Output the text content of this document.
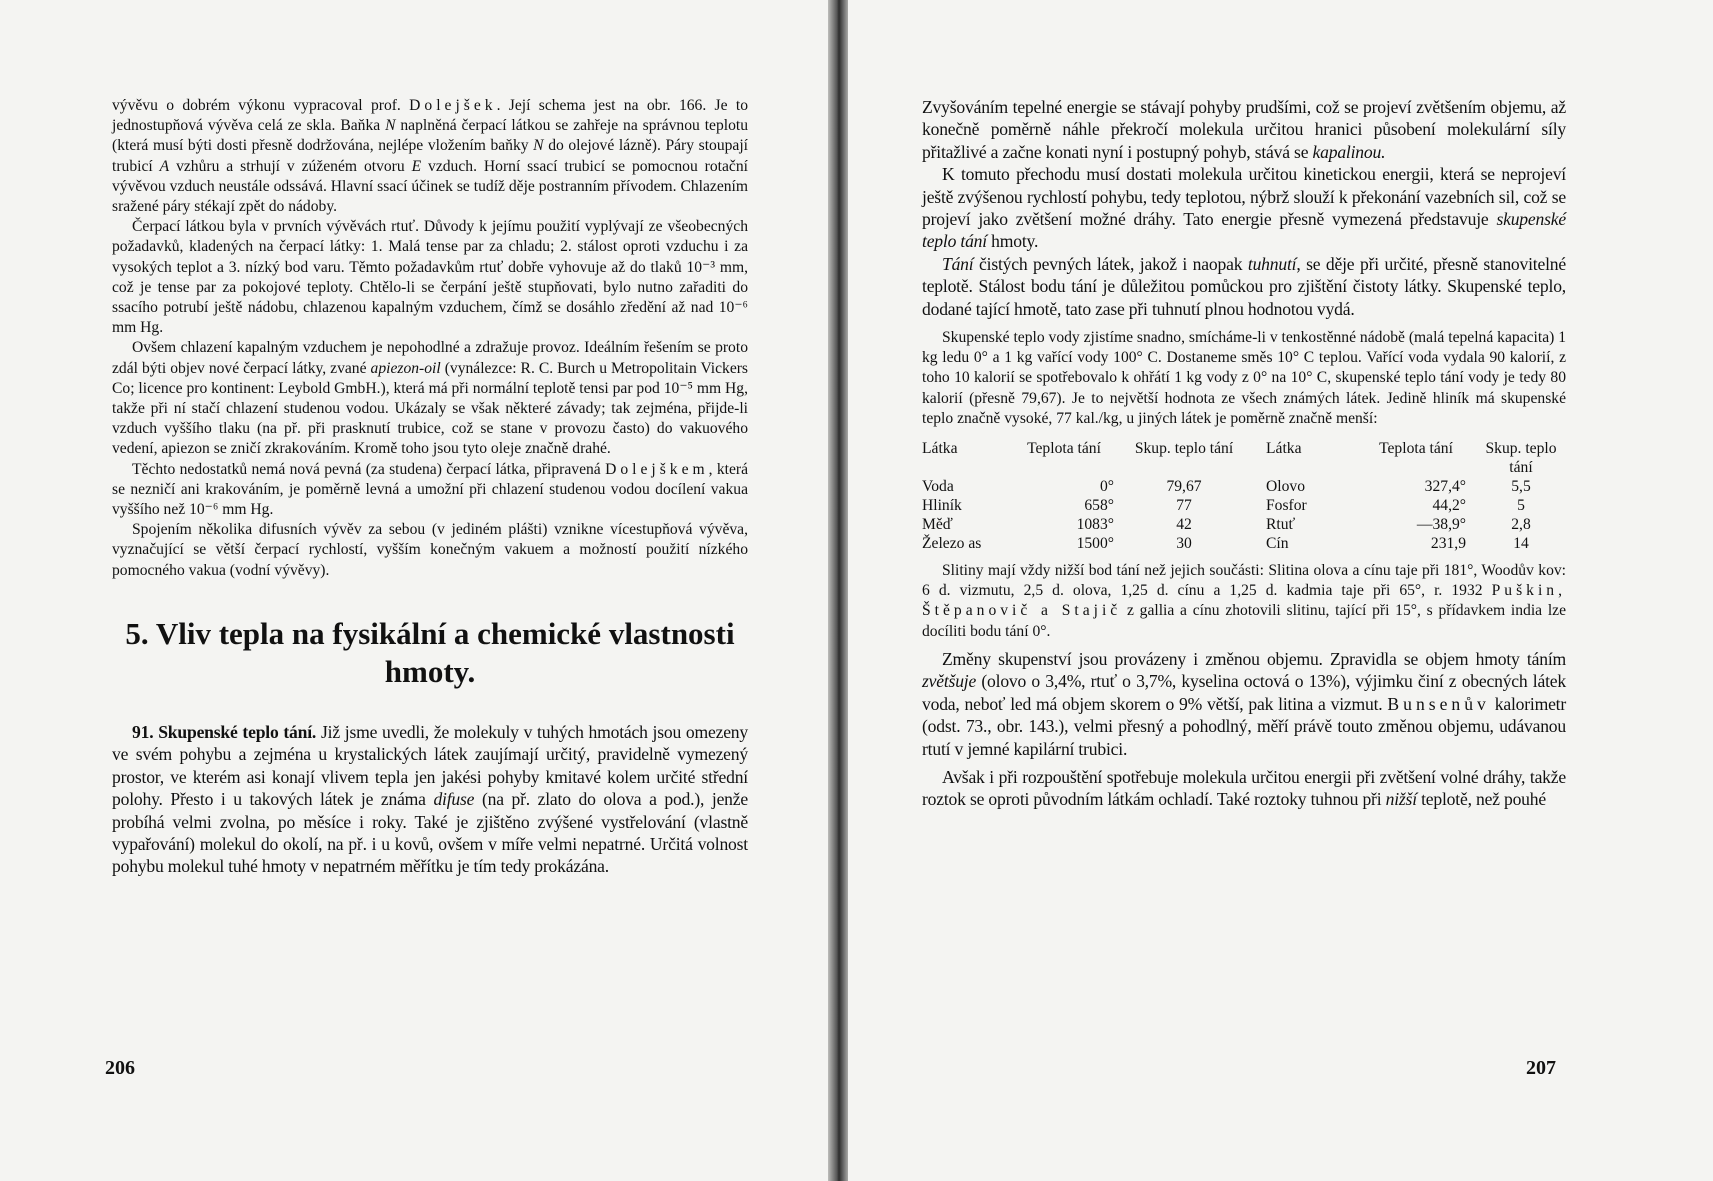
vývěvu o dobrém výkonu vypracoval prof. Dolejšek. Její schema jest na obr. 166. Je to jednostupňová vývěva celá ze skla. Baňka N naplněná čerpací látkou se zahřeje na správnou teplotu (která musí býti dosti přesně dodržována, nejlépe vložením baňky N do olejové lázně). Páry stoupají trubicí A vzhůru a strhují v zúženém otvoru E vzduch. Horní ssací trubicí se pomocnou rotační vývěvou vzduch neustále odssává. Hlavní ssací účinek se tudíž děje postranním přívodem. Chlazením sražené páry stékají zpět do nádoby.

Čerpací látkou byla v prvních vývěvách rtuť. Důvody k jejímu použití vyplývají ze všeobecných požadavků, kladených na čerpací látky: 1. Malá tense par za chladu; 2. stálost oproti vzduchu i za vysokých teplot a 3. nízký bod varu. Těmto požadavkům rtuť dobře vyhovuje až do tlaků 10⁻³ mm, což je tense par za pokojové teploty. Chtělo-li se čerpání ještě stupňovati, bylo nutno zařaditi do ssacího potrubí ještě nádobu, chlazenou kapalným vzduchem, čímž se dosáhlo zředění až nad 10⁻⁶ mm Hg.

Ovšem chlazení kapalným vzduchem je nepohodlné a zdražuje provoz. Ideálním řešením se proto zdál býti objev nové čerpací látky, zvané apiezon-oil (vynálezce: R. C. Burch u Metropolitain Vickers Co; licence pro kontinent: Leybold GmbH.), která má při normální teplotě tensi par pod 10⁻⁵ mm Hg, takže při ní stačí chlazení studenou vodou. Ukázaly se však některé závady; tak zejména, přijde-li vzduch vyššího tlaku (na př. při prasknutí trubice, což se stane v provozu často) do vakuového vedení, apiezon se zničí zkrakováním. Kromě toho jsou tyto oleje značně drahé.

Těchto nedostatků nemá nová pevná (za studena) čerpací látka, připravená Dolejškem, která se nezničí ani krakováním, je poměrně levná a umožní při chlazení studenou vodou docílení vakua vyššího než 10⁻⁶ mm Hg.

Spojením několika difusních vývěv za sebou (v jediném plášti) vznikne vícestupňová vývěva, vyznačující se větší čerpací rychlostí, vyšším konečným vakuem a možností použití nízkého pomocného vakua (vodní vývěvy).

5. Vliv tepla na fysikální a chemické vlastnosti hmoty.

91. Skupenské teplo tání. Již jsme uvedli, že molekuly v tuhých hmotách jsou omezeny ve svém pohybu a zejména u krystalických látek zaujímají určitý, pravidelně vymezený prostor, ve kterém asi konají vlivem tepla jen jakési pohyby kmitavé kolem určité střední polohy. Přesto i u takových látek je známa difuse (na př. zlato do olova a pod.), jenže probíhá velmi zvolna, po měsíce i roky. Také je zjištěno zvýšené vystřelování (vlastně vypařování) molekul do okolí, na př. i u kovů, ovšem v míře velmi nepatrné. Určitá volnost pohybu molekul tuhé hmoty v nepatrném měřítku je tím tedy prokázána.

206

Zvyšováním tepelné energie se stávají pohyby prudšími, což se projeví zvětšením objemu, až konečně poměrně náhle překročí molekula určitou hranici působení molekulární síly přitažlivé a začne konati nyní i postupný pohyb, stává se kapalinou.

K tomuto přechodu musí dostati molekula určitou kinetickou energii, která se neprojeví ještě zvýšenou rychlostí pohybu, tedy teplotou, nýbrž slouží k překonání vazebních sil, což se projeví jako zvětšení možné dráhy. Tato energie přesně vymezená představuje skupenské teplo tání hmoty.

Tání čistých pevných látek, jakož i naopak tuhnutí, se děje při určité, přesně stanovitelné teplotě. Stálost bodu tání je důležitou pomůckou pro zjištění čistoty látky. Skupenské teplo, dodané tající hmotě, tato zase při tuhnutí plnou hodnotou vydá.

Skupenské teplo vody zjistíme snadno, smícháme-li v tenkostěnné nádobě (malá tepelná kapacita) 1 kg ledu 0° a 1 kg vařící vody 100° C. Dostaneme směs 10° C teplou. Vařící voda vydala 90 kalorií, z toho 10 kalorií se spotřebovalo k ohřátí 1 kg vody z 0° na 10° C, skupenské teplo tání vody je tedy 80 kalorií (přesně 79,67). Je to největší hodnota ze všech známých látek. Jedině hliník má skupenské teplo značně vysoké, 77 kal./kg, u jiných látek je poměrně značně menší:

Látka	Teplota tání	Skup. teplo tání	Látka	Teplota tání	Skup. teplo tání
Voda	0°	79,67	Olovo	327,4°	5,5
Hliník	658°	77	Fosfor	44,2°	5
Měď	1083°	42	Rtuť	—38,9°	2,8
Železo as	1500°	30	Cín	231,9	14

Slitiny mají vždy nižší bod tání než jejich součásti: Slitina olova a cínu taje při 181°, Woodův kov: 6 d. vizmutu, 2,5 d. olova, 1,25 d. cínu a 1,25 d. kadmia taje při 65°, r. 1932 Puškin, Štěpanovič a Stajič z gallia a cínu zhotovili slitinu, tající při 15°, s přídavkem india lze docíliti bodu tání 0°.

Změny skupenství jsou provázeny i změnou objemu. Zpravidla se objem hmoty táním zvětšuje (olovo o 3,4%, rtuť o 3,7%, kyselina octová o 13%), výjimku činí z obecných látek voda, neboť led má objem skorem o 9% větší, pak litina a vizmut. Bunsenův kalorimetr (odst. 73., obr. 143.), velmi přesný a pohodlný, měří právě touto změnou objemu, udávanou rtutí v jemné kapilární trubici.

Avšak i při rozpouštění spotřebuje molekula určitou energii při zvětšení volné dráhy, takže roztok se oproti původním látkám ochladí. Také roztoky tuhnou při nižší teplotě, než pouhé

207
